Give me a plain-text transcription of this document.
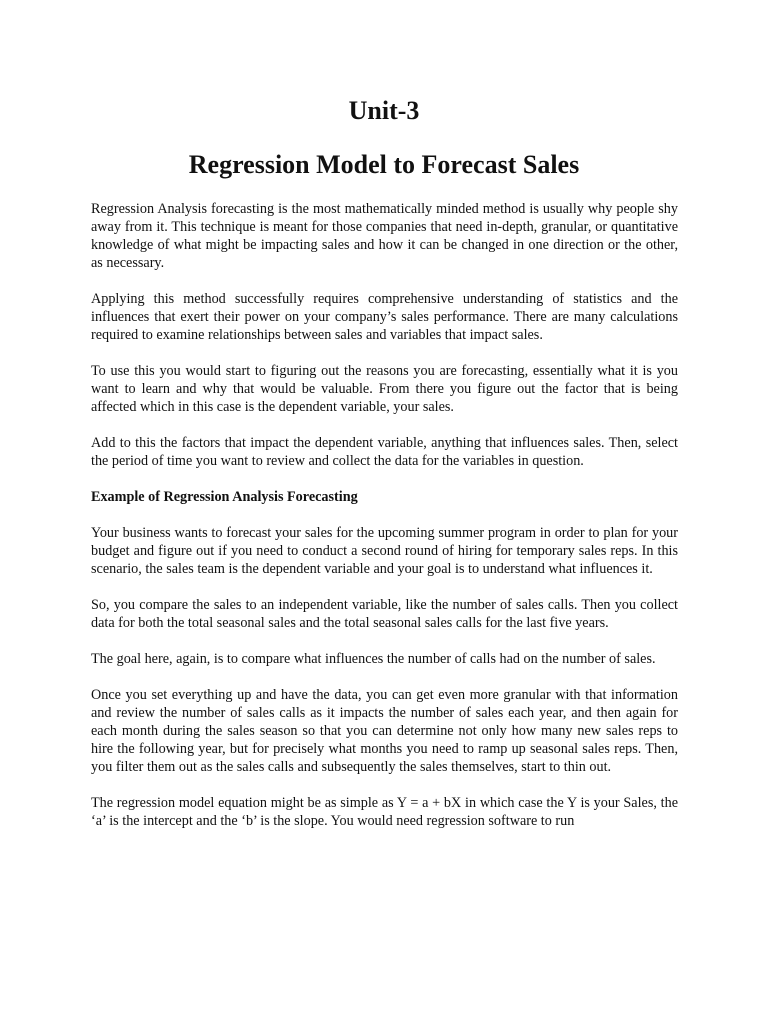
Unit-3
Regression Model to Forecast Sales

Regression Analysis forecasting is the most mathematically minded method is usually why people shy away from it. This technique is meant for those companies that need in-depth, granular, or quantitative knowledge of what might be impacting sales and how it can be changed in one direction or the other, as necessary.

Applying this method successfully requires comprehensive understanding of statistics and the influences that exert their power on your company’s sales performance. There are many calculations required to examine relationships between sales and variables that impact sales.

To use this you would start to figuring out the reasons you are forecasting, essentially what it is you want to learn and why that would be valuable. From there you figure out the factor that is being affected which in this case is the dependent variable, your sales.

Add to this the factors that impact the dependent variable, anything that influences sales. Then, select the period of time you want to review and collect the data for the variables in question.

Example of Regression Analysis Forecasting

Your business wants to forecast your sales for the upcoming summer program in order to plan for your budget and figure out if you need to conduct a second round of hiring for temporary sales reps. In this scenario, the sales team is the dependent variable and your goal is to understand what influences it.

So, you compare the sales to an independent variable, like the number of sales calls. Then you collect data for both the total seasonal sales and the total seasonal sales calls for the last five years.

The goal here, again, is to compare what influences the number of calls had on the number of sales.

Once you set everything up and have the data, you can get even more granular with that information and review the number of sales calls as it impacts the number of sales each year, and then again for each month during the sales season so that you can determine not only how many new sales reps to hire the following year, but for precisely what months you need to ramp up seasonal sales reps. Then, you filter them out as the sales calls and subsequently the sales themselves, start to thin out.

The regression model equation might be as simple as Y = a + bX in which case the Y is your Sales, the ‘a’ is the intercept and the ‘b’ is the slope. You would need regression software to run
